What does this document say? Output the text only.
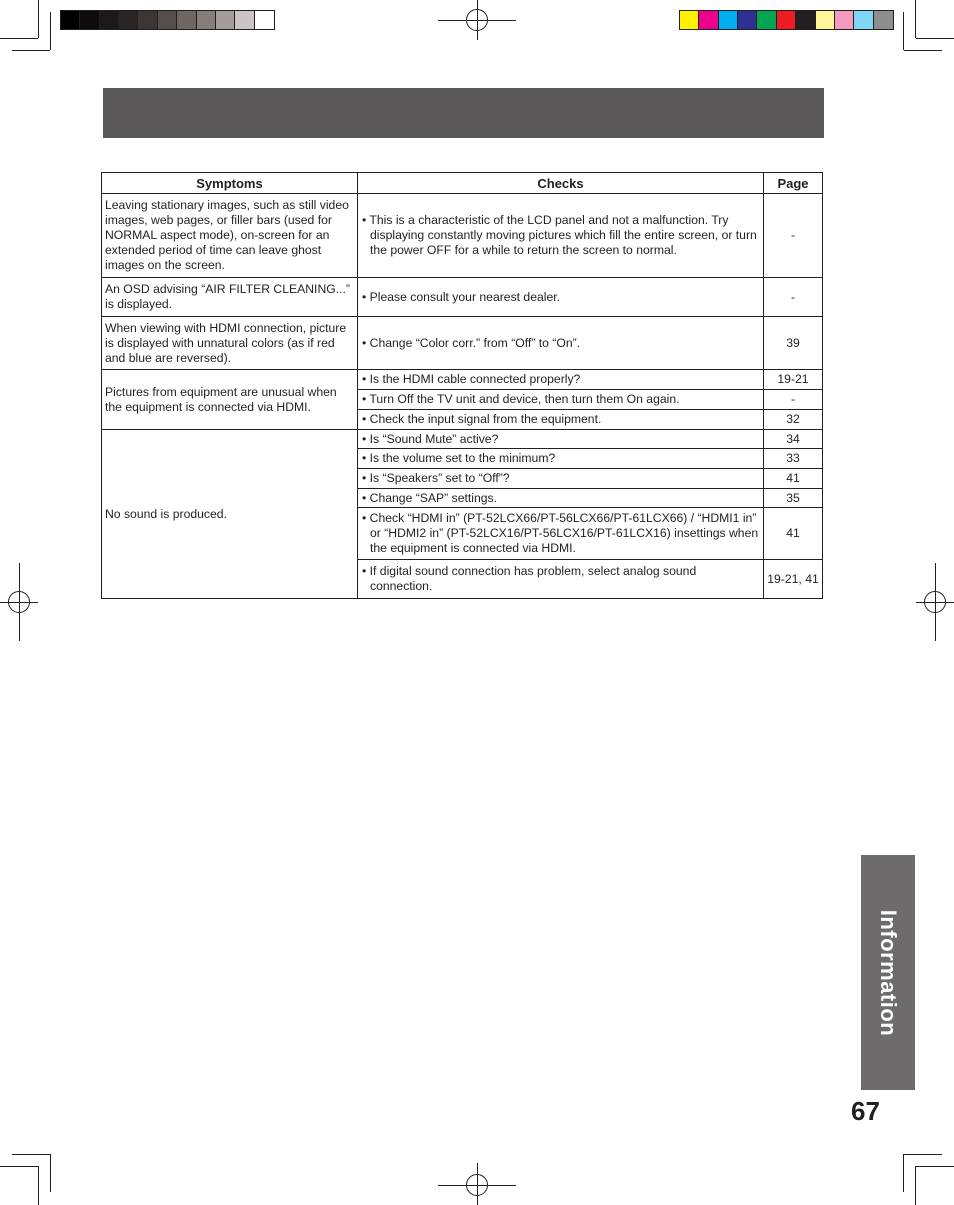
Symptoms	Checks	Page
Leaving stationary images, such as still video images, web pages, or filler bars (used for NORMAL aspect mode), on-screen for an extended period of time can leave ghost images on the screen.	• This is a characteristic of the LCD panel and not a malfunction. Try displaying constantly moving pictures which fill the entire screen, or turn the power OFF for a while to return the screen to normal.	-
An OSD advising “AIR FILTER CLEANING...” is displayed.	• Please consult your nearest dealer.	-
When viewing with HDMI connection, picture is displayed with unnatural colors (as if red and blue are reversed).	• Change “Color corr.” from “Off” to “On”.	39
Pictures from equipment are unusual when the equipment is connected via HDMI.	• Is the HDMI cable connected properly?	19-21

	• Turn Off the TV unit and device, then turn them On again.	-

	• Check the input signal from the equipment.	32
No sound is produced.	• Is “Sound Mute” active?	34

	• Is the volume set to the minimum?	33

	• Is “Speakers” set to “Off”?	41

	• Change “SAP” settings.	35

	• Check “HDMI in” (PT-52LCX66/PT-56LCX66/PT-61LCX66) / “HDMI1 in” or “HDMI2 in” (PT-52LCX16/PT-56LCX16/PT-61LCX16) insettings when the equipment is connected via HDMI.	41

	• If digital sound connection has problem, select analog sound connection.	19-21, 41
Information
67
